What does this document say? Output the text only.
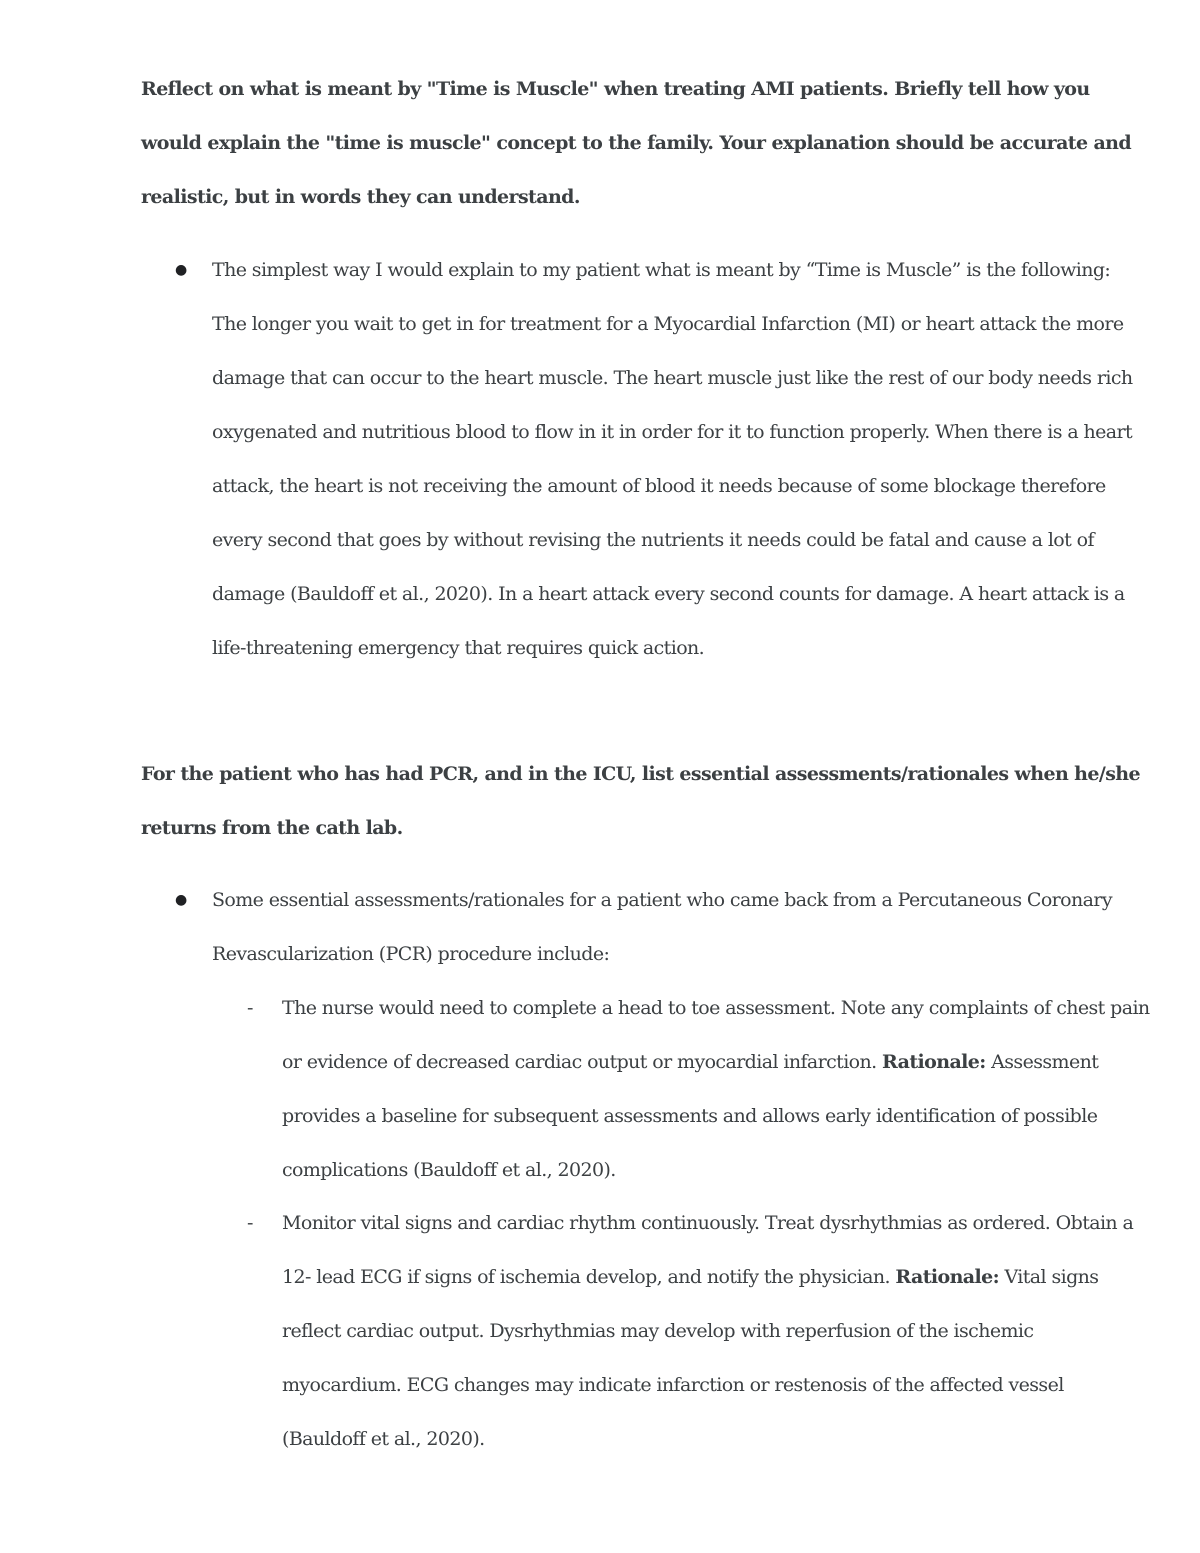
Reflect on what is meant by "Time is Muscle" when treating AMI patients. Briefly tell how you would explain the "time is muscle" concept to the family. Your explanation should be accurate and realistic, but in words they can understand.
● The simplest way I would explain to my patient what is meant by “Time is Muscle” is the following: The longer you wait to get in for treatment for a Myocardial Infarction (MI) or heart attack the more damage that can occur to the heart muscle. The heart muscle just like the rest of our body needs rich oxygenated and nutritious blood to flow in it in order for it to function properly. When there is a heart attack, the heart is not receiving the amount of blood it needs because of some blockage therefore every second that goes by without revising the nutrients it needs could be fatal and cause a lot of damage (Bauldoff et al., 2020). In a heart attack every second counts for damage. A heart attack is a life-threatening emergency that requires quick action.
For the patient who has had PCR, and in the ICU, list essential assessments/rationales when he/she returns from the cath lab.
● Some essential assessments/rationales for a patient who came back from a Percutaneous Coronary Revascularization (PCR) procedure include:
- The nurse would need to complete a head to toe assessment. Note any complaints of chest pain or evidence of decreased cardiac output or myocardial infarction. Rationale: Assessment provides a baseline for subsequent assessments and allows early identification of possible complications (Bauldoff et al., 2020).
- Monitor vital signs and cardiac rhythm continuously. Treat dysrhythmias as ordered. Obtain a 12- lead ECG if signs of ischemia develop, and notify the physician. Rationale: Vital signs reflect cardiac output. Dysrhythmias may develop with reperfusion of the ischemic myocardium. ECG changes may indicate infarction or restenosis of the affected vessel (Bauldoff et al., 2020).
